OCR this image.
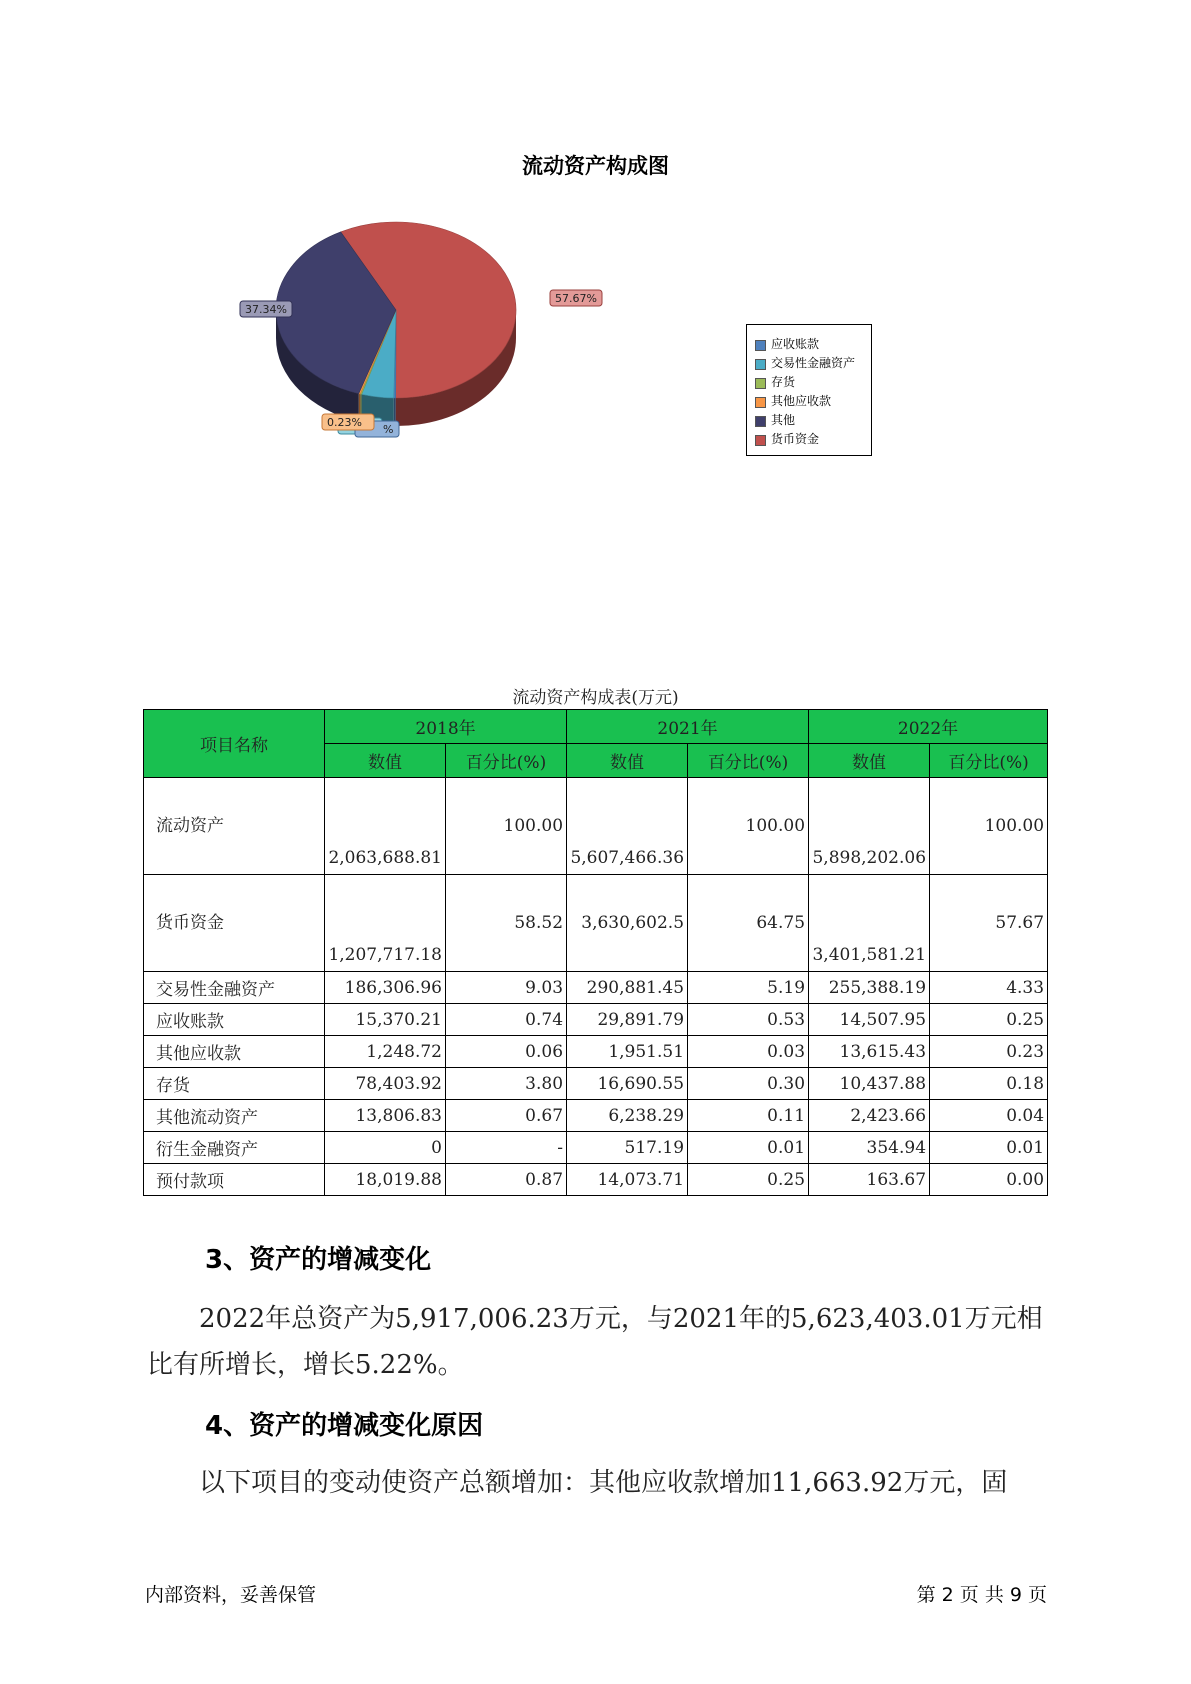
流动资产构成图
%
0.23%
37.34%
57.67%
应收账款
交易性金融资产
存货
其他应收款
其他
货币资金
流动资产构成表(万元)
项目名称	2018年		2021年		2022年	
	数值	百分比(%)	数值	百分比(%)	数值	百分比(%)
流动资产	2,063,688.81	100.00	5,607,466.36	100.00	5,898,202.06	100.00
货币资金	1,207,717.18	58.52	3,630,602.5	64.75	3,401,581.21	57.67
交易性金融资产	186,306.96	9.03	290,881.45	5.19	255,388.19	4.33
应收账款	15,370.21	0.74	29,891.79	0.53	14,507.95	0.25
其他应收款	1,248.72	0.06	1,951.51	0.03	13,615.43	0.23
存货	78,403.92	3.80	16,690.55	0.30	10,437.88	0.18
其他流动资产	13,806.83	0.67	6,238.29	0.11	2,423.66	0.04
衍生金融资产	0	-	517.19	0.01	354.94	0.01
预付款项	18,019.88	0.87	14,073.71	0.25	163.67	0.00
3、资产的增减变化
2022年总资产为5,917,006.23万元，与2021年的5,623,403.01万元相比有所增长，增长5.22%。
4、资产的增减变化原因
以下项目的变动使资产总额增加：其他应收款增加11,663.92万元，固
内部资料，妥善保管	第 2 页 共 9 页
